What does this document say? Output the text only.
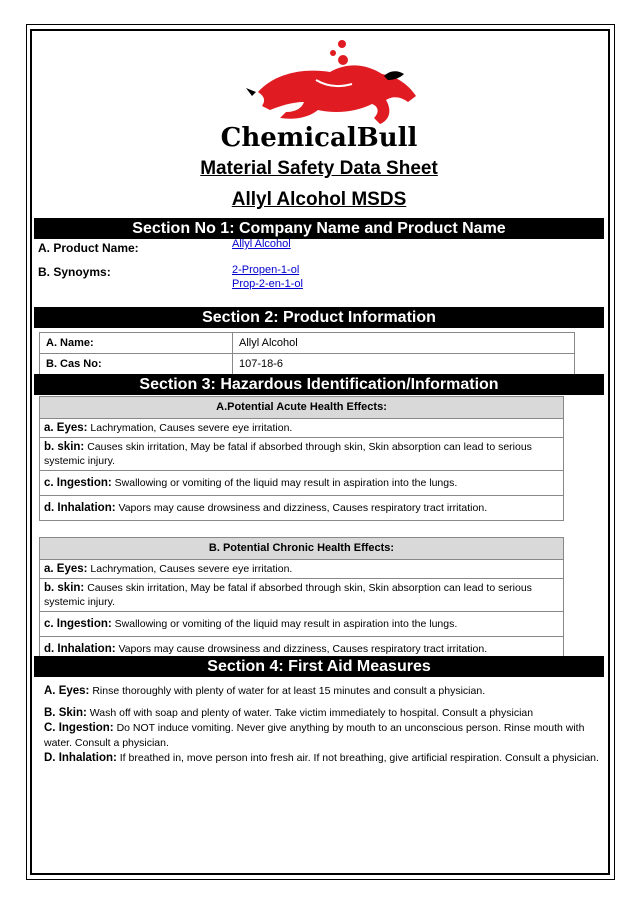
ChemicalBull
Material Safety Data Sheet
Allyl Alcohol MSDS
Section No 1: Company Name and Product Name
A. Product Name:	Allyl Alcohol
B. Synoyms:	2-Propen-1-ol
Prop-2-en-1-ol
Section 2: Product Information
A. Name:	Allyl Alcohol
B. Cas No:	107-18-6
Section 3: Hazardous Identification/Information
A.Potential Acute Health Effects:
a. Eyes: Lachrymation, Causes severe eye irritation.
b. skin: Causes skin irritation, May be fatal if absorbed through skin, Skin absorption can lead to serious systemic injury.
c. Ingestion: Swallowing or vomiting of the liquid may result in aspiration into the lungs.
d. Inhalation: Vapors may cause drowsiness and dizziness, Causes respiratory tract irritation.
B. Potential Chronic Health Effects:
a. Eyes: Lachrymation, Causes severe eye irritation.
b. skin: Causes skin irritation, May be fatal if absorbed through skin, Skin absorption can lead to serious systemic injury.
c. Ingestion: Swallowing or vomiting of the liquid may result in aspiration into the lungs.
d. Inhalation: Vapors may cause drowsiness and dizziness, Causes respiratory tract irritation.
Section 4: First Aid Measures
A. Eyes: Rinse thoroughly with plenty of water for at least 15 minutes and consult a physician.
B. Skin: Wash off with soap and plenty of water. Take victim immediately to hospital. Consult a physician
C. Ingestion: Do NOT induce vomiting. Never give anything by mouth to an unconscious person. Rinse mouth with water. Consult a physician.
D. Inhalation: If breathed in, move person into fresh air. If not breathing, give artificial respiration. Consult a physician.
